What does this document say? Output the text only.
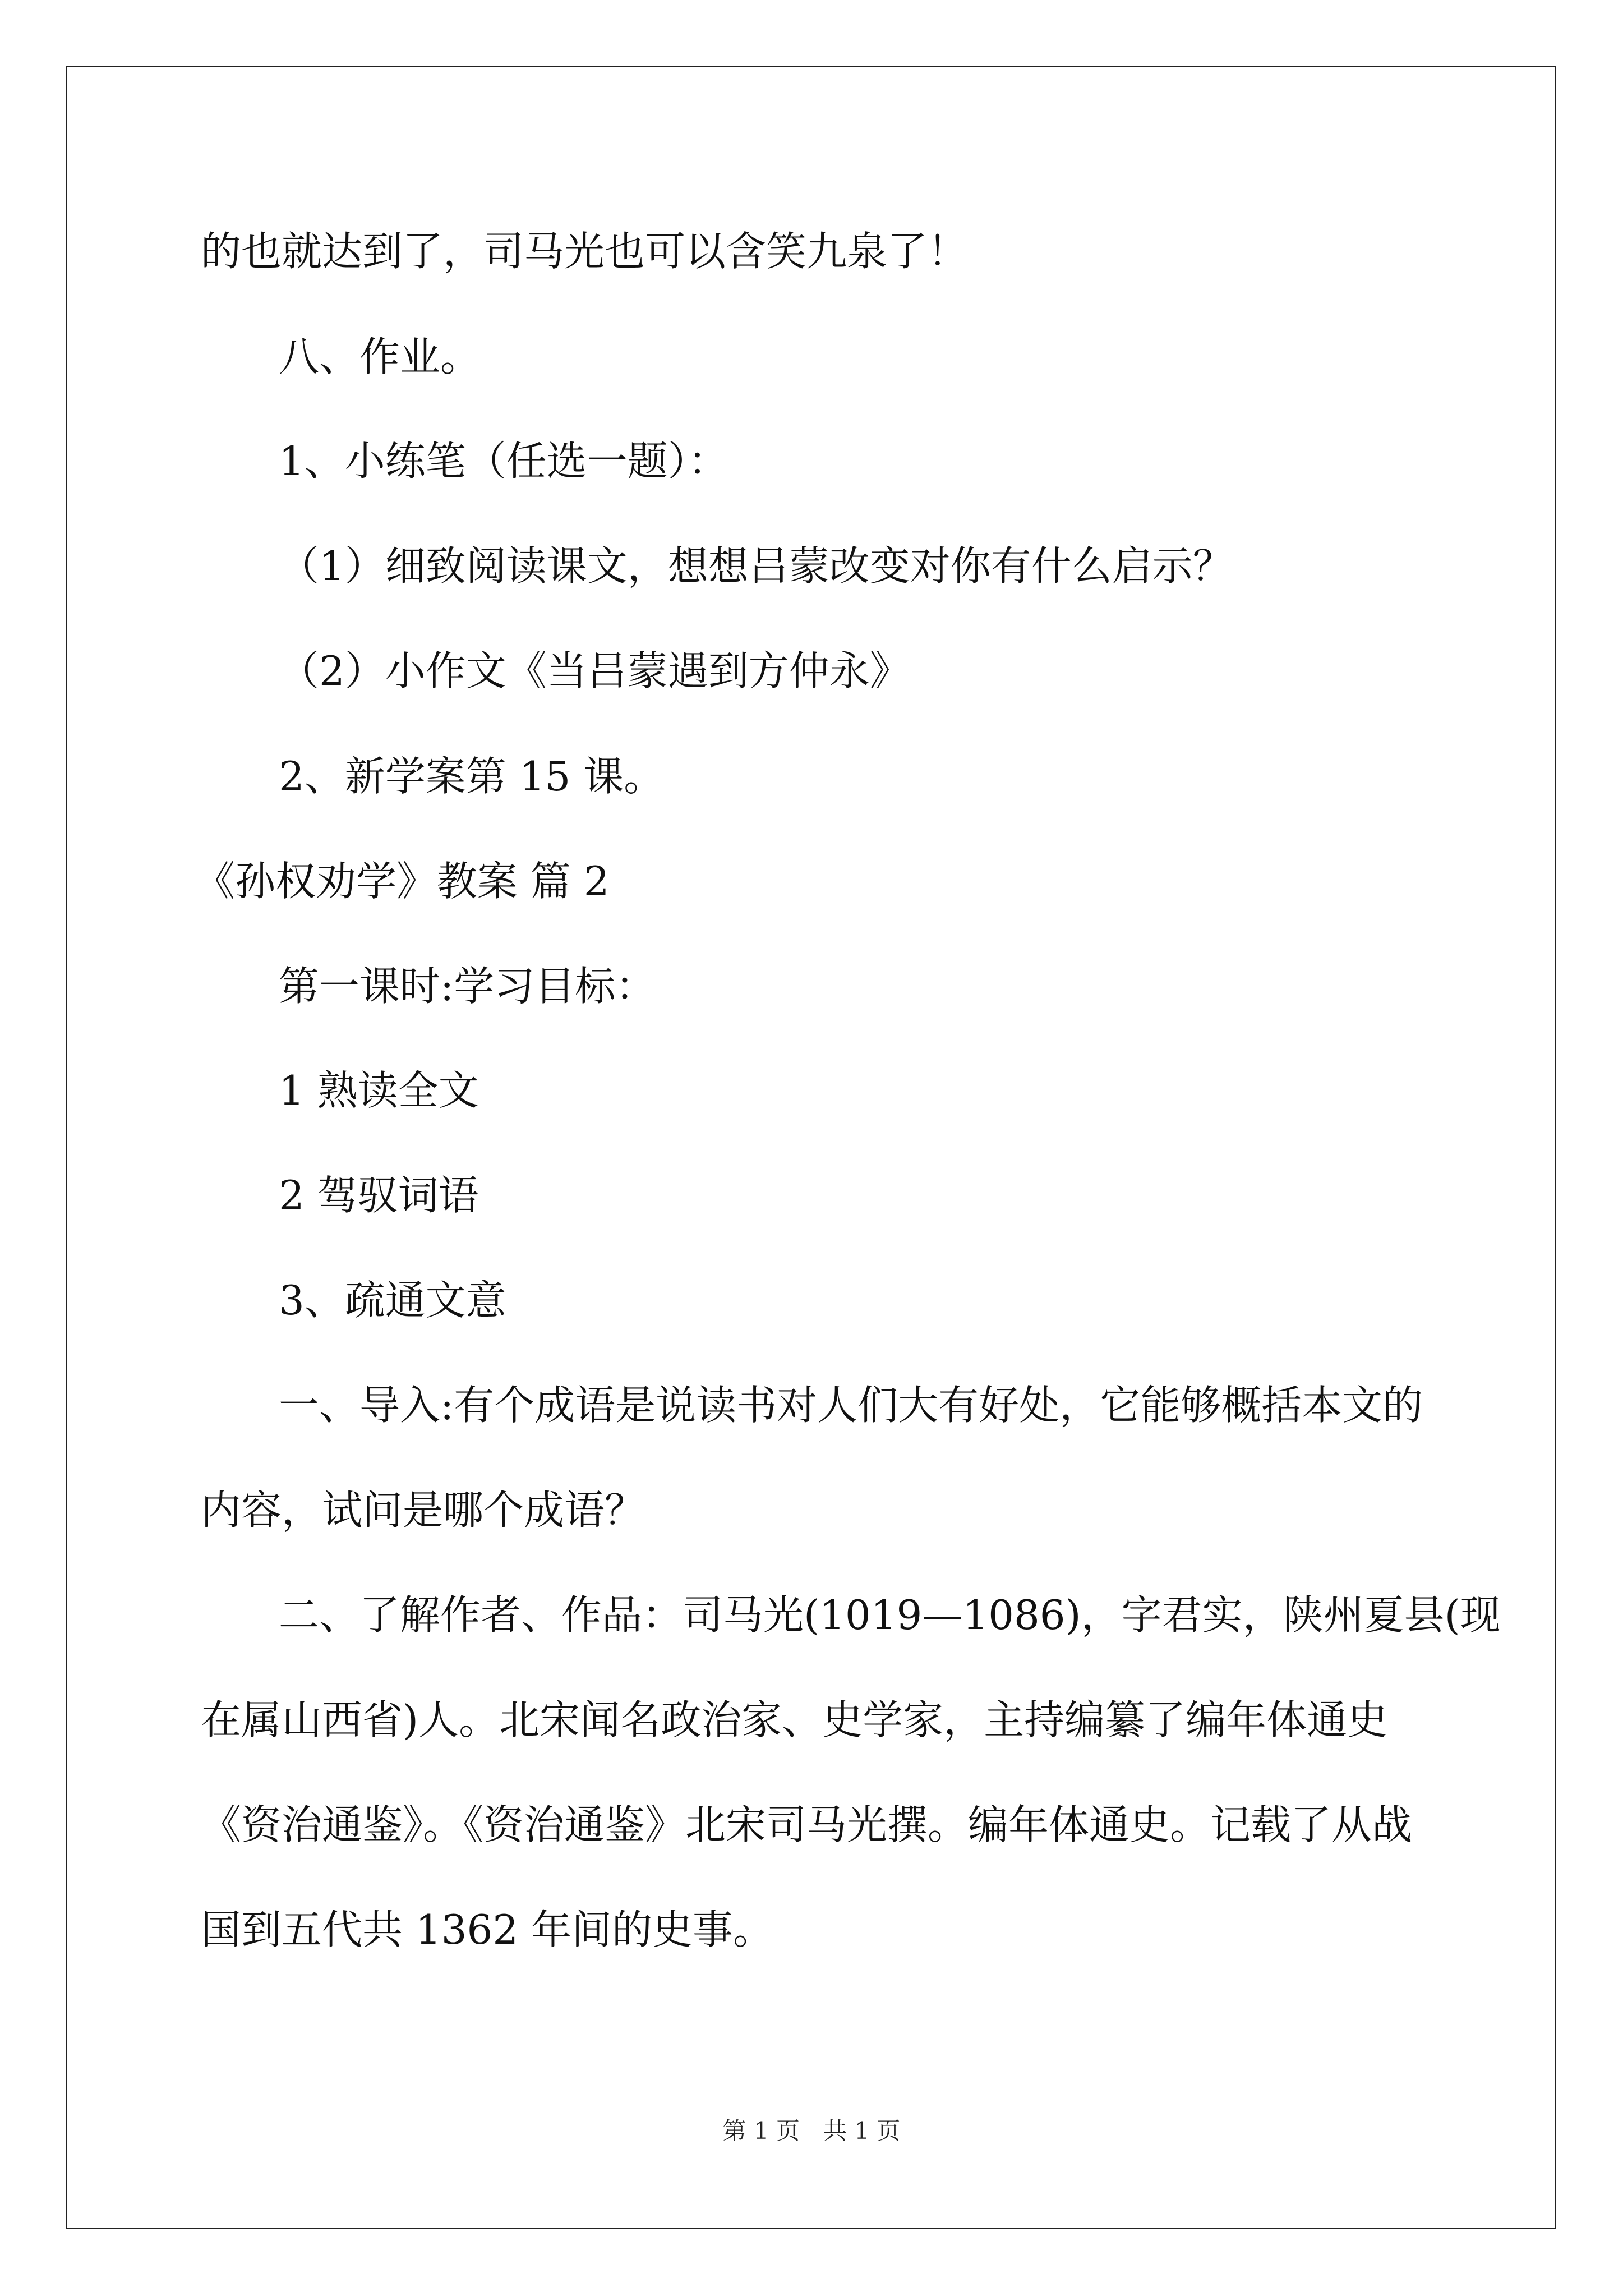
的也就达到了，司马光也可以含笑九泉了！
八、作业。
1、小练笔（任选一题）：
（1）细致阅读课文，想想吕蒙改变对你有什么启示？
（2）小作文《当吕蒙遇到方仲永》
2、新学案第 15 课。
《孙权劝学》教案 篇 2
第一课时:学习目标：
1 熟读全文
2 驾驭词语
3、疏通文意
一、导入:有个成语是说读书对人们大有好处，它能够概括本文的
内容，试问是哪个成语？
二、了解作者、作品：司马光(1019—1086)，字君实，陕州夏县(现
在属山西省)人。北宋闻名政治家、史学家，主持编纂了编年体通史
《资治通鉴》。《资治通鉴》北宋司马光撰。编年体通史。记载了从战
国到五代共 1362 年间的史事。
第 1 页　共 1 页
